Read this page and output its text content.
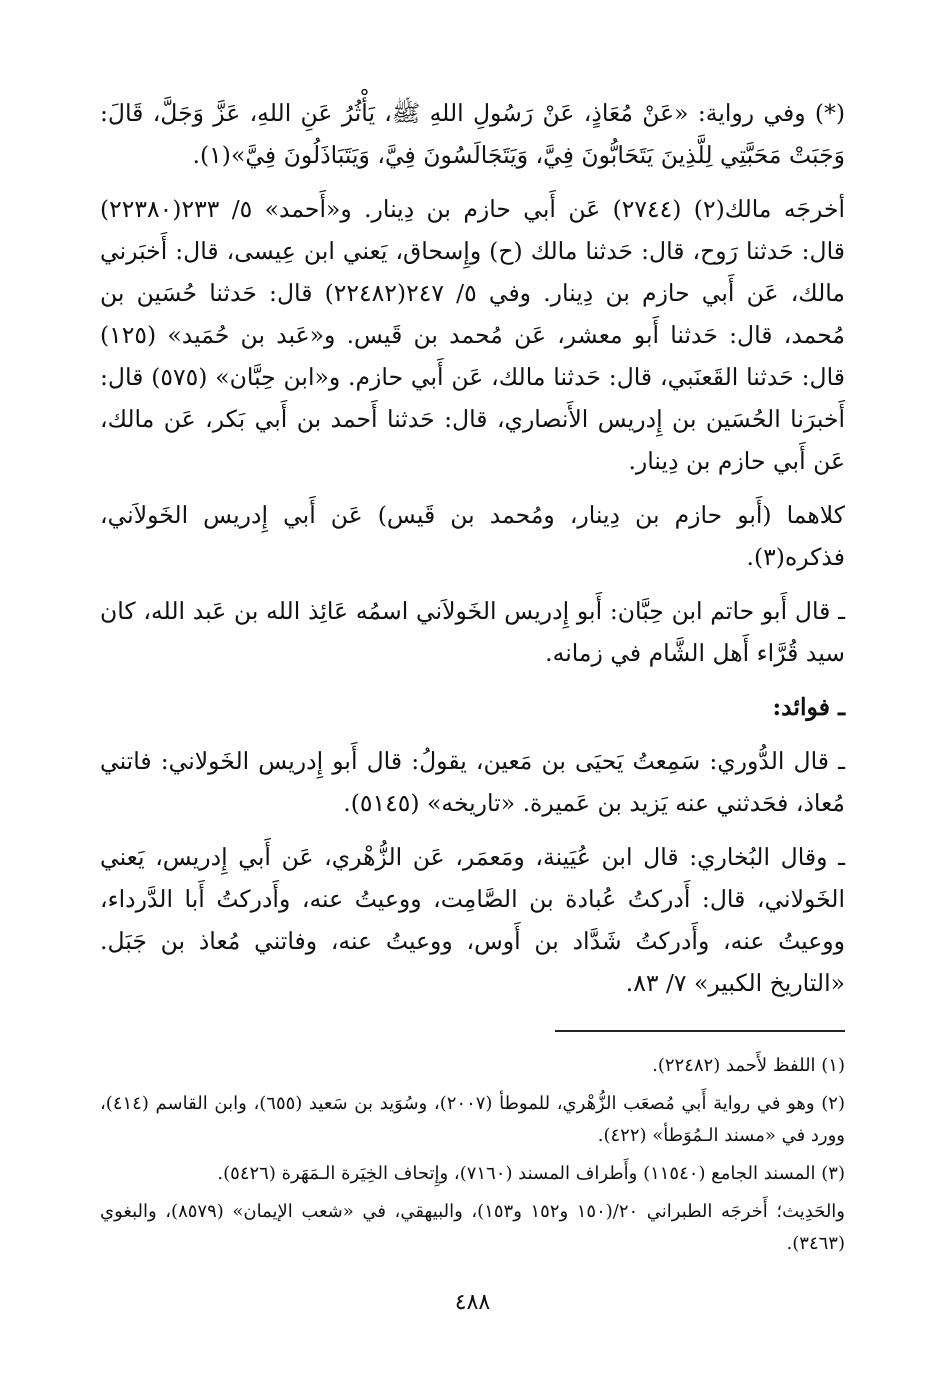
(*) وفي رواية: «عَنْ مُعَاذٍ، عَنْ رَسُولِ اللهِ ﷺ، يَأْثُرُ عَنِ اللهِ، عَزَّ وَجَلَّ، قَالَ: وَجَبَتْ مَحَبَّتِي لِلَّذِينَ يَتَحَابُّونَ فِيَّ، وَيَتَجَالَسُونَ فِيَّ، وَيَتَبَاذَلُونَ فِيَّ»(١).

أخرجَه مالك(٢) (٢٧٤٤) عَن أَبي حازم بن دِينار. و«أَحمد» ٥/ ٢٣٣(٢٢٣٨٠) قال: حَدثنا رَوح، قال: حَدثنا مالك (ح) وإِسحاق، يَعني ابن عِيسى، قال: أَخبَرني مالك، عَن أَبي حازم بن دِينار. وفي ٥/ ٢٤٧(٢٢٤٨٢) قال: حَدثنا حُسَين بن مُحمد، قال: حَدثنا أَبو معشر، عَن مُحمد بن قَيس. و«عَبد بن حُمَيد» (١٢٥) قال: حَدثنا القَعنَبي، قال: حَدثنا مالك، عَن أَبي حازم. و«ابن حِبَّان» (٥٧٥) قال: أَخبرَنا الحُسَين بن إِدريس الأَنصاري، قال: حَدثنا أَحمد بن أَبي بَكر، عَن مالك، عَن أَبي حازم بن دِينار.

كلاهما (أَبو حازم بن دِينار، ومُحمد بن قَيس) عَن أَبي إِدريس الخَولاَني، فذكره(٣).

ـ قال أَبو حاتم ابن حِبَّان: أَبو إِدريس الخَولاَني اسمُه عَائِذ الله بن عَبد الله، كان سيد قُرَّاء أَهل الشَّام في زمانه.

ـ فوائد:

ـ قال الدُّوري: سَمِعتُ يَحيَى بن مَعين، يقولُ: قال أَبو إِدريس الخَولاني: فاتني مُعاذ، فحَدثني عنه يَزيد بن عَميرة. «تاريخه» (٥١٤٥).

ـ وقال البُخاري: قال ابن عُيَينة، ومَعمَر، عَن الزُّهْري، عَن أَبي إِدريس، يَعني الخَولاني، قال: أَدركتُ عُبادة بن الصَّامِت، ووعيتُ عنه، وأَدركتُ أَبا الدَّرداء، ووعيتُ عنه، وأَدركتُ شَدَّاد بن أَوس، ووعيتُ عنه، وفاتني مُعاذ بن جَبَل. «التاريخ الكبير» ٧/ ٨٣.

(١) اللفظ لأَحمد (٢٢٤٨٢).

(٢) وهو في رواية أَبي مُصعَب الزُّهْري، للموطأ (٢٠٠٧)، وسُوَيد بن سَعيد (٦٥٥)، وابن القاسم (٤١٤)، وورد في «مسند الـمُوَطأ» (٤٢٢).

(٣) المسند الجامع (١١٥٤٠) وأَطراف المسند (٧١٦٠)، وإِتحاف الخِيَرة الـمَهَرة (٥٤٢٦).

والحَدِيث؛ أَخرجَه الطبراني ٢٠/(١٥٠ و١٥٢ و١٥٣)، والبيهقي، في «شعب الإيمان» (٨٥٧٩)، والبغوي (٣٤٦٣).

٤٨٨
